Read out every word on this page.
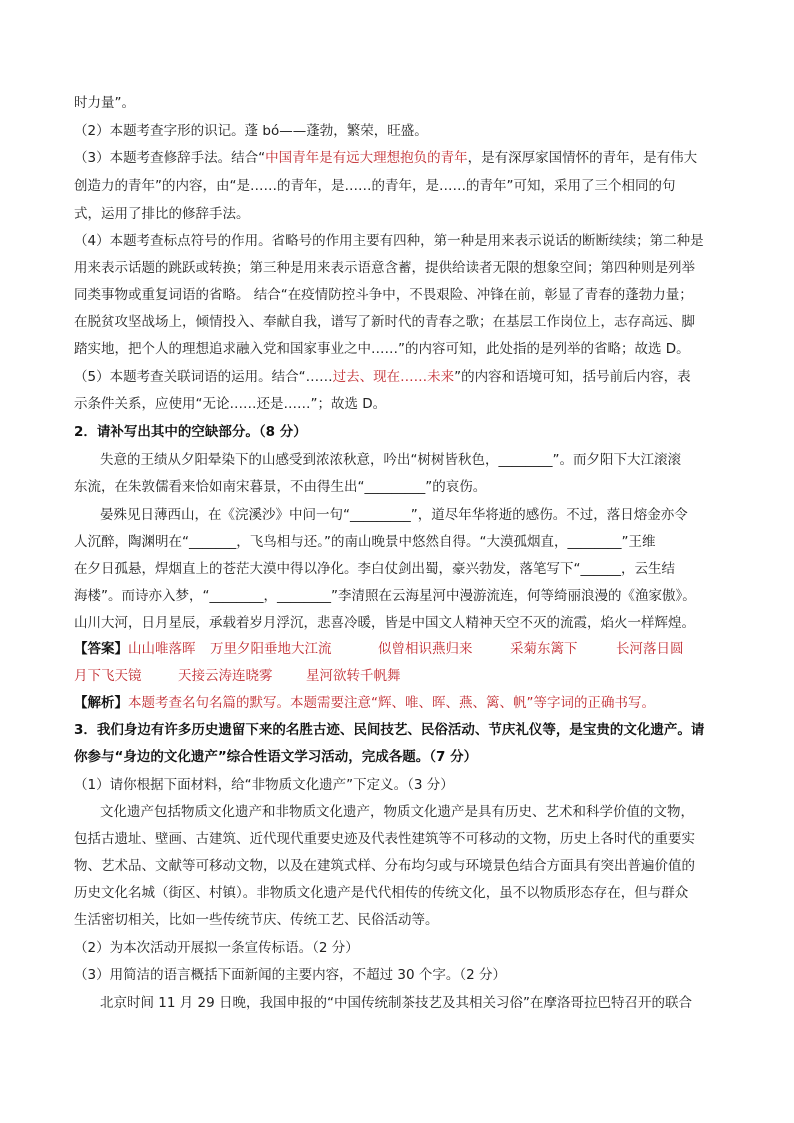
时力量”。
（2）本题考查字形的识记。蓬 bó——蓬勃，繁荣，旺盛。
（3）本题考查修辞手法。结合“中国青年是有远大理想抱负的青年，是有深厚家国情怀的青年，是有伟大
创造力的青年”的内容，由“是……的青年，是……的青年，是……的青年”可知，采用了三个相同的句
式，运用了排比的修辞手法。
（4）本题考查标点符号的作用。省略号的作用主要有四种，第一种是用来表示说话的断断续续；第二种是
用来表示话题的跳跃或转换；第三种是用来表示语意含蓄，提供给读者无限的想象空间；第四种则是列举
同类事物或重复词语的省略。 结合“在疫情防控斗争中，不畏艰险、冲锋在前，彰显了青春的蓬勃力量；
在脱贫攻坚战场上，倾情投入、奉献自我，谱写了新时代的青春之歌；在基层工作岗位上，志存高远、脚
踏实地，把个人的理想追求融入党和国家事业之中……”的内容可知，此处指的是列举的省略；故选 D。
（5）本题考查关联词语的运用。结合“……过去、现在……未来”的内容和语境可知，括号前后内容，表
示条件关系，应使用“无论……还是……”；故选 D。
2．请补写出其中的空缺部分。（8 分）
失意的王绩从夕阳晕染下的山感受到浓浓秋意，吟出“树树皆秋色，________”。而夕阳下大江滚滚
东流，在朱敦儒看来恰如南宋暮景，不由得生出“_________”的哀伤。
晏殊见日薄西山，在《浣溪沙》中问一句“_________”，道尽年华将逝的感伤。不过，落日熔金亦令
人沉醉，陶渊明在“_______，飞鸟相与还。”的南山晚景中悠然自得。“大漠孤烟直，________”王维
在夕日孤悬，焊烟直上的苍茫大漠中得以净化。李白仗剑出蜀，豪兴勃发，落笔写下“______，云生结
海楼”。而诗亦入梦，“________，________”李清照在云海星河中漫游流连，何等绮丽浪漫的《渔家傲》。
山川大河，日月星辰，承载着岁月浮沉，悲喜冷暖，皆是中国文人精神天空不灭的流霞，焰火一样辉煌。
【答案】山山唯落晖 万里夕阳垂地大江流	似曾相识燕归来	采菊东篱下	长河落日圆
月下飞天镜	天接云涛连晓雾 星河欲转千帆舞
【解析】本题考查名句名篇的默写。本题需要注意“辉、唯、晖、燕、篱、帆”等字词的正确书写。
3．我们身边有许多历史遗留下来的名胜古迹、民间技艺、民俗活动、节庆礼仪等，是宝贵的文化遗产。请
你参与“身边的文化遗产”综合性语文学习活动，完成各题。（7 分）
（1）请你根据下面材料，给“非物质文化遗产”下定义。（3 分）
文化遗产包括物质文化遗产和非物质文化遗产，物质文化遗产是具有历史、艺术和科学价值的文物，
包括古遗址、壁画、古建筑、近代现代重要史迹及代表性建筑等不可移动的文物，历史上各时代的重要实
物、艺术品、文献等可移动文物，以及在建筑式样、分布均匀或与环境景色结合方面具有突出普遍价值的
历史文化名城（街区、村镇）。非物质文化遗产是代代相传的传统文化，虽不以物质形态存在，但与群众
生活密切相关，比如一些传统节庆、传统工艺、民俗活动等。
（2）为本次活动开展拟一条宣传标语。（2 分）
（3）用简洁的语言概括下面新闻的主要内容，不超过 30 个字。（2 分）
北京时间 11 月 29 日晚，我国申报的“中国传统制茶技艺及其相关习俗”在摩洛哥拉巴特召开的联合
